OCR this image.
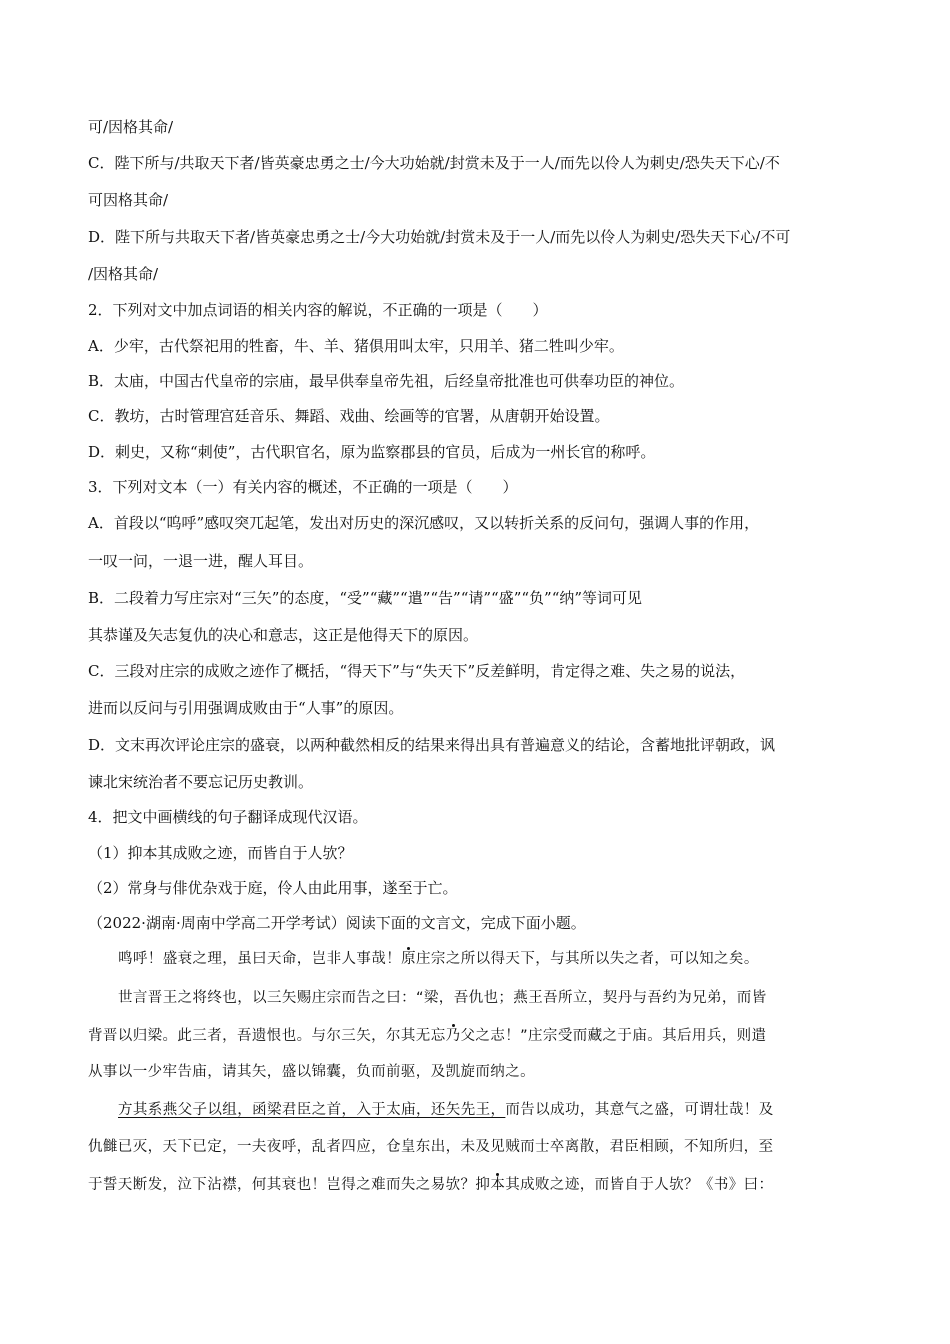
可/因格其命/
C．陛下所与/共取天下者/皆英豪忠勇之士/今大功始就/封赏未及于一人/而先以伶人为刺史/恐失天下心/不
可因格其命/
D．陛下所与共取天下者/皆英豪忠勇之士/今大功始就/封赏未及于一人/而先以伶人为刺史/恐失天下心/不可
/因格其命/
2．下列对文中加点词语的相关内容的解说，不正确的一项是（　　）
A．少牢，古代祭祀用的牲畜，牛、羊、猪俱用叫太牢，只用羊、猪二牲叫少牢。
B．太庙，中国古代皇帝的宗庙，最早供奉皇帝先祖，后经皇帝批准也可供奉功臣的神位。
C．教坊，古时管理宫廷音乐、舞蹈、戏曲、绘画等的官署，从唐朝开始设置。
D．刺史，又称“刺使”，古代职官名，原为监察郡县的官员，后成为一州长官的称呼。
3．下列对文本（一）有关内容的概述，不正确的一项是（　　）
A．首段以“呜呼”感叹突兀起笔，发出对历史的深沉感叹，又以转折关系的反问句，强调人事的作用，
一叹一问，一退一进，醒人耳目。
B．二段着力写庄宗对“三矢”的态度，“受”“藏”“遣”“告”“请”“盛”“负”“纳”等词可见
其恭谨及矢志复仇的决心和意志，这正是他得天下的原因。
C．三段对庄宗的成败之迹作了概括，“得天下”与“失天下”反差鲜明，肯定得之难、失之易的说法，
进而以反问与引用强调成败由于“人事”的原因。
D．文末再次评论庄宗的盛衰，以两种截然相反的结果来得出具有普遍意义的结论，含蓄地批评朝政，讽
谏北宋统治者不要忘记历史教训。
4．把文中画横线的句子翻译成现代汉语。
（1）抑本其成败之迹，而皆自于人欤？
（2）常身与俳优杂戏于庭，伶人由此用事，遂至于亡。
（2022·湖南·周南中学高二开学考试）阅读下面的文言文，完成下面小题。
鸣呼！盛衰之理，虽曰天命，岂非人事哉！原庄宗之所以得天下，与其所以失之者，可以知之矣。
世言晋王之将终也，以三矢赐庄宗而告之曰：“梁，吾仇也；燕王吾所立，契丹与吾约为兄弟，而皆
背晋以归梁。此三者，吾遗恨也。与尔三矢，尔其无忘乃父之志！”庄宗受而藏之于庙。其后用兵，则遣
从事以一少牢告庙，请其矢，盛以锦囊，负而前驱，及凯旋而纳之。
方其系燕父子以组，函梁君臣之首，入于太庙，还矢先王，而告以成功，其意气之盛，可谓壮哉！及
仇雠已灭，天下已定，一夫夜呼，乱者四应，仓皇东出，未及见贼而士卒离散，君臣相顾，不知所归，至
于誓天断发，泣下沾襟，何其衰也！岂得之难而失之易欤？抑本其成败之迹，而皆自于人欤？《书》曰：
